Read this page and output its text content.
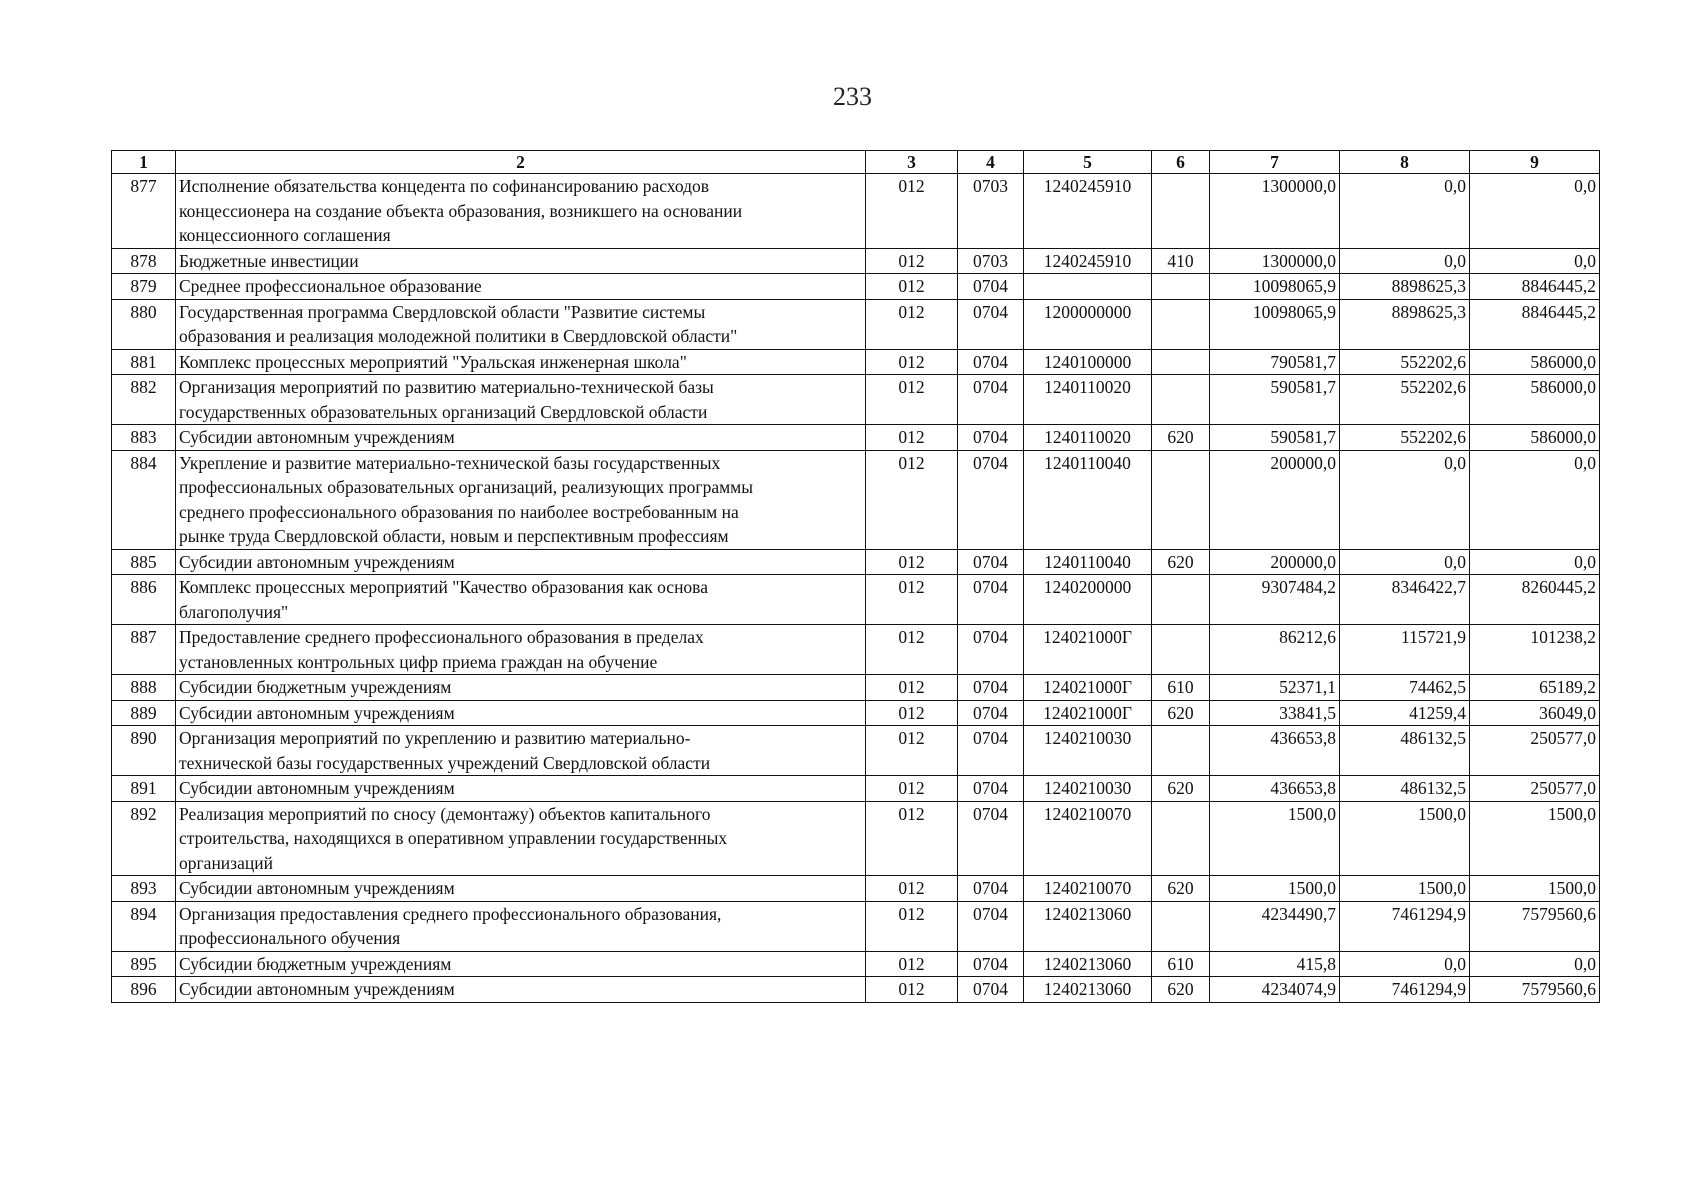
233
1	2	3	4	5	6	7	8	9
877	Исполнение обязательства концедента по софинансированию расходов
концессионера на создание объекта образования, возникшего на основании
концессионного соглашения	012	0703	1240245910		1300000,0	0,0	0,0
878	Бюджетные инвестиции	012	0703	1240245910	410	1300000,0	0,0	0,0
879	Среднее профессиональное образование	012	0704			10098065,9	8898625,3	8846445,2
880	Государственная программа Свердловской области "Развитие системы
образования и реализация молодежной политики в Свердловской области"	012	0704	1200000000		10098065,9	8898625,3	8846445,2
881	Комплекс процессных мероприятий "Уральская инженерная школа"	012	0704	1240100000		790581,7	552202,6	586000,0
882	Организация мероприятий по развитию материально-технической базы
государственных образовательных организаций Свердловской области	012	0704	1240110020		590581,7	552202,6	586000,0
883	Субсидии автономным учреждениям	012	0704	1240110020	620	590581,7	552202,6	586000,0
884	Укрепление и развитие материально-технической базы государственных
профессиональных образовательных организаций, реализующих программы
среднего профессионального образования по наиболее востребованным на
рынке труда Свердловской области, новым и перспективным профессиям	012	0704	1240110040		200000,0	0,0	0,0
885	Субсидии автономным учреждениям	012	0704	1240110040	620	200000,0	0,0	0,0
886	Комплекс процессных мероприятий "Качество образования как основа
благополучия"	012	0704	1240200000		9307484,2	8346422,7	8260445,2
887	Предоставление среднего профессионального образования в пределах
установленных контрольных цифр приема граждан на обучение	012	0704	124021000Г		86212,6	115721,9	101238,2
888	Субсидии бюджетным учреждениям	012	0704	124021000Г	610	52371,1	74462,5	65189,2
889	Субсидии автономным учреждениям	012	0704	124021000Г	620	33841,5	41259,4	36049,0
890	Организация мероприятий по укреплению и развитию материально-
технической базы государственных учреждений Свердловской области	012	0704	1240210030		436653,8	486132,5	250577,0
891	Субсидии автономным учреждениям	012	0704	1240210030	620	436653,8	486132,5	250577,0
892	Реализация мероприятий по сносу (демонтажу) объектов капитального
строительства, находящихся в оперативном управлении государственных
организаций	012	0704	1240210070		1500,0	1500,0	1500,0
893	Субсидии автономным учреждениям	012	0704	1240210070	620	1500,0	1500,0	1500,0
894	Организация предоставления среднего профессионального образования,
профессионального обучения	012	0704	1240213060		4234490,7	7461294,9	7579560,6
895	Субсидии бюджетным учреждениям	012	0704	1240213060	610	415,8	0,0	0,0
896	Субсидии автономным учреждениям	012	0704	1240213060	620	4234074,9	7461294,9	7579560,6
